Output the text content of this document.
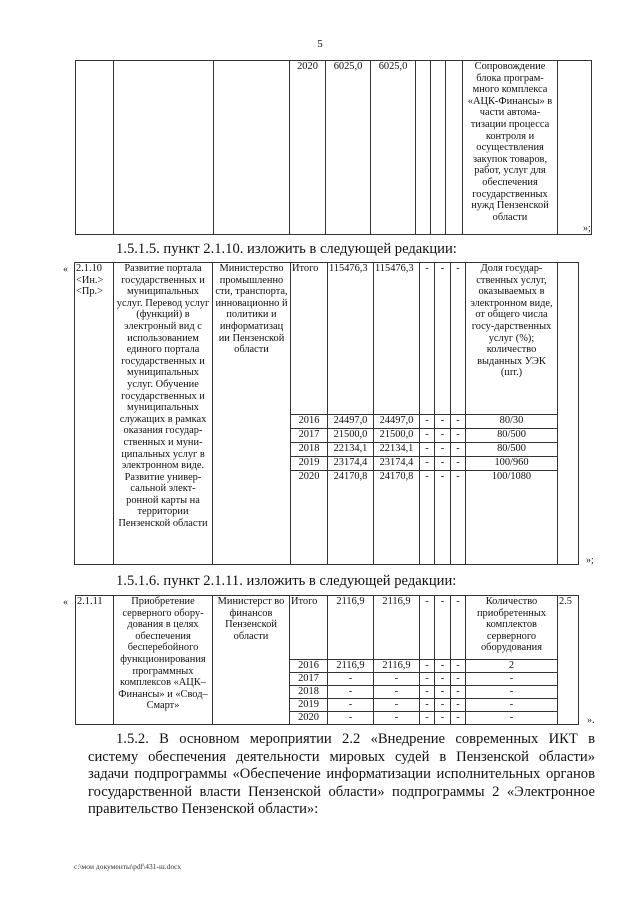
5
			2020	6025,0	6025,0				Сопровождение блока програм-много комплекса «АЦК-Финансы» в части автома-тизации процесса контроля и осуществления закупок товаров, работ, услуг для обеспечения государственных нужд Пензенской области	
»;
1.5.1.5. пункт 2.1.10. изложить в следующей редакции:
« 2.1.10 <Ин.> <Пр.>	Развитие портала государственных и муниципальных услуг. Перевод услуг (функций) в электроный вид с использованием единого портала государственных и муниципальных услуг. Обучение государственных и муниципальных служащих в рамках оказания государ-ственных и муни-ципальных услуг в электронном виде. Развитие универ-сальной элект-ронной карты на территории Пензенской области	Министерство промышленно сти, транспорта, инновационно й политики и информатизац ии Пензенской области	Итого	115476,3	115476,3	-	-	-	Доля государ-ственных услуг, оказываемых в электронном виде, от общего числа госу-дарственных услуг (%); количество выданных УЭК (шт.)	
			2016	24497,0	24497,0	-	-	-	80/30	
			2017	21500,0	21500,0	-	-	-	80/500	
			2018	22134,1	22134,1	-	-	-	80/500	
			2019	23174,4	23174,4	-	-	-	100/960	
			2020	24170,8	24170,8	-	-	-	100/1080	
»;
1.5.1.6. пункт 2.1.11. изложить в следующей редакции:
« 2.1.11	Приобретение серверного обору-дования в целях обеспечения бесперебойного функционирования программных комплексов «АЦК–Финансы» и «Свод–Смарт»	Министерст во финансов Пензенской области	Итого	2116,9	2116,9	-	-	-	Количество приобретенных комплектов серверного оборудования	2.5
			2016	2116,9	2116,9	-	-	-	2	
			2017	-	-	-	-	-	-	
			2018	-	-	-	-	-	-	
			2019	-	-	-	-	-	-	
			2020	-	-	-	-	-	-		».
1.5.2. В основном мероприятии 2.2 «Внедрение современных ИКТ в систему обеспечения деятельности мировых судей в Пензенской области» задачи подпрограммы «Обеспечение информатизации исполнительных органов государственной власти Пензенской области» подпрограммы 2 «Электронное правительство Пензенской области»:
c:\мои документы\pdf\431-ш.docx
